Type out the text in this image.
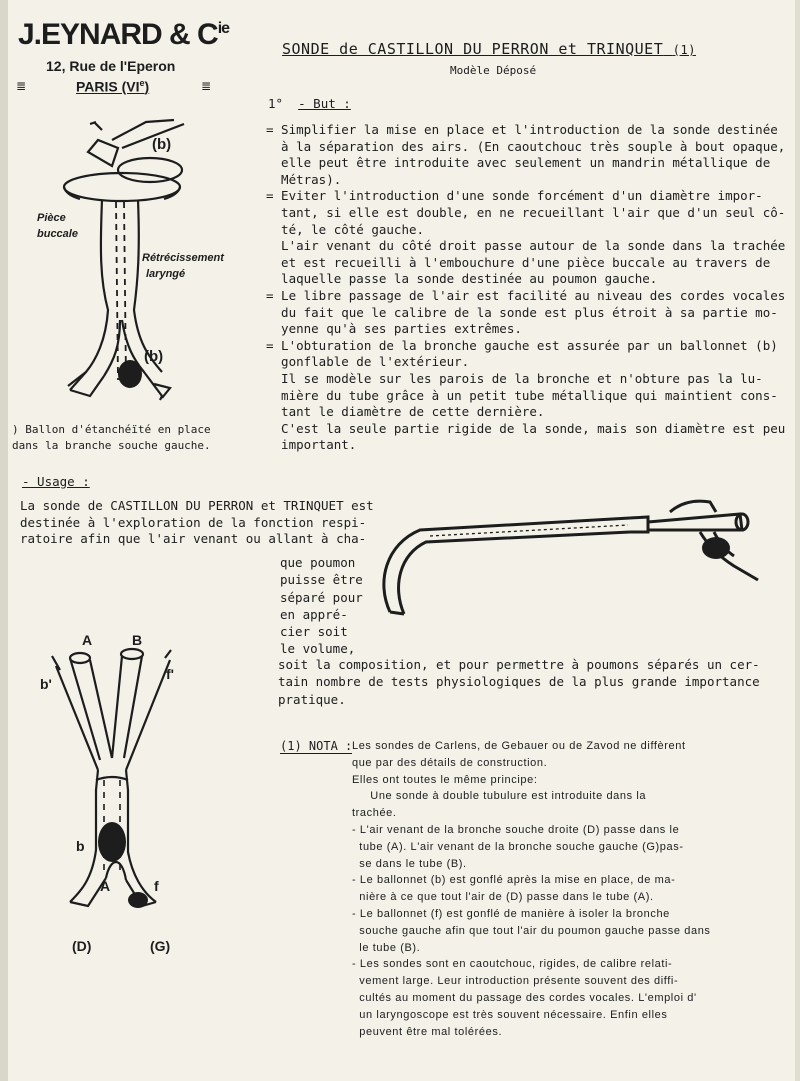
J.EYNARD & $C^{ie}$
12, Rue de l'Eperon
≣	PARIS (VIe)	≣
SONDE de CASTILLON DU PERRON et TRINQUET (1)
Modèle Déposé
1° - But :
= Simplifier la mise en place et l'introduction de la sonde destinée
à la séparation des airs. (En caoutchouc très souple à bout opaque,
elle peut être introduite avec seulement un mandrin métallique de
Métras).
= Eviter l'introduction d'une sonde forcément d'un diamètre impor-
tant, si elle est double, en ne recueillant l'air que d'un seul cô-
té, le côté gauche.
L'air venant du côté droit passe autour de la sonde dans la trachée
et est recueilli à l'embouchure d'une pièce buccale au travers de
laquelle passe la sonde destinée au poumon gauche.
= Le libre passage de l'air est facilité au niveau des cordes vocales
du fait que le calibre de la sonde est plus étroit à sa partie mo-
yenne qu'à ses parties extrêmes.
= L'obturation de la bronche gauche est assurée par un ballonnet (b)
gonflable de l'extérieur.
Il se modèle sur les parois de la bronche et n'obture pas la lu-
mière du tube grâce à un petit tube métallique qui maintient cons-
tant le diamètre de cette dernière.
C'est la seule partie rigide de la sonde, mais son diamètre est peu
important.
(b)
Pièce
buccale
Rétrécissement
laryngé
(b)
) Ballon d'étanchéïté en place
dans la branche souche gauche.
- Usage :
La sonde de CASTILLON DU PERRON et TRINQUET est
destinée à l'exploration de la fonction respi-
ratoire afin que l'air venant ou allant à cha-
que poumon
puisse être
séparé pour
en appré-
cier soit
le volume,
soit la composition, et pour permettre à poumons séparés un cer-
tain nombre de tests physiologiques de la plus grande importance
pratique.
A	B
b'
f'
b
A	f
(D)	(G)
(1) NOTA : Les sondes de Carlens, de Gebauer ou de Zavod ne diffèrent
que par des détails de construction.
Elles ont toutes le même principe:
Une sonde à double tubulure est introduite dans la
trachée.
- L'air venant de la bronche souche droite (D) passe dans le
tube (A). L'air venant de la bronche souche gauche (G)pas-
se dans le tube (B).
- Le ballonnet (b) est gonflé après la mise en place, de ma-
nière à ce que tout l'air de (D) passe dans le tube (A).
- Le ballonnet (f) est gonflé de manière à isoler la bronche
souche gauche afin que tout l'air du poumon gauche passe dans
le tube (B).
- Les sondes sont en caoutchouc, rigides, de calibre relati-
vement large. Leur introduction présente souvent des diffi-
cultés au moment du passage des cordes vocales. L'emploi d'
un laryngoscope est très souvent nécessaire. Enfin elles
peuvent être mal tolérées.
